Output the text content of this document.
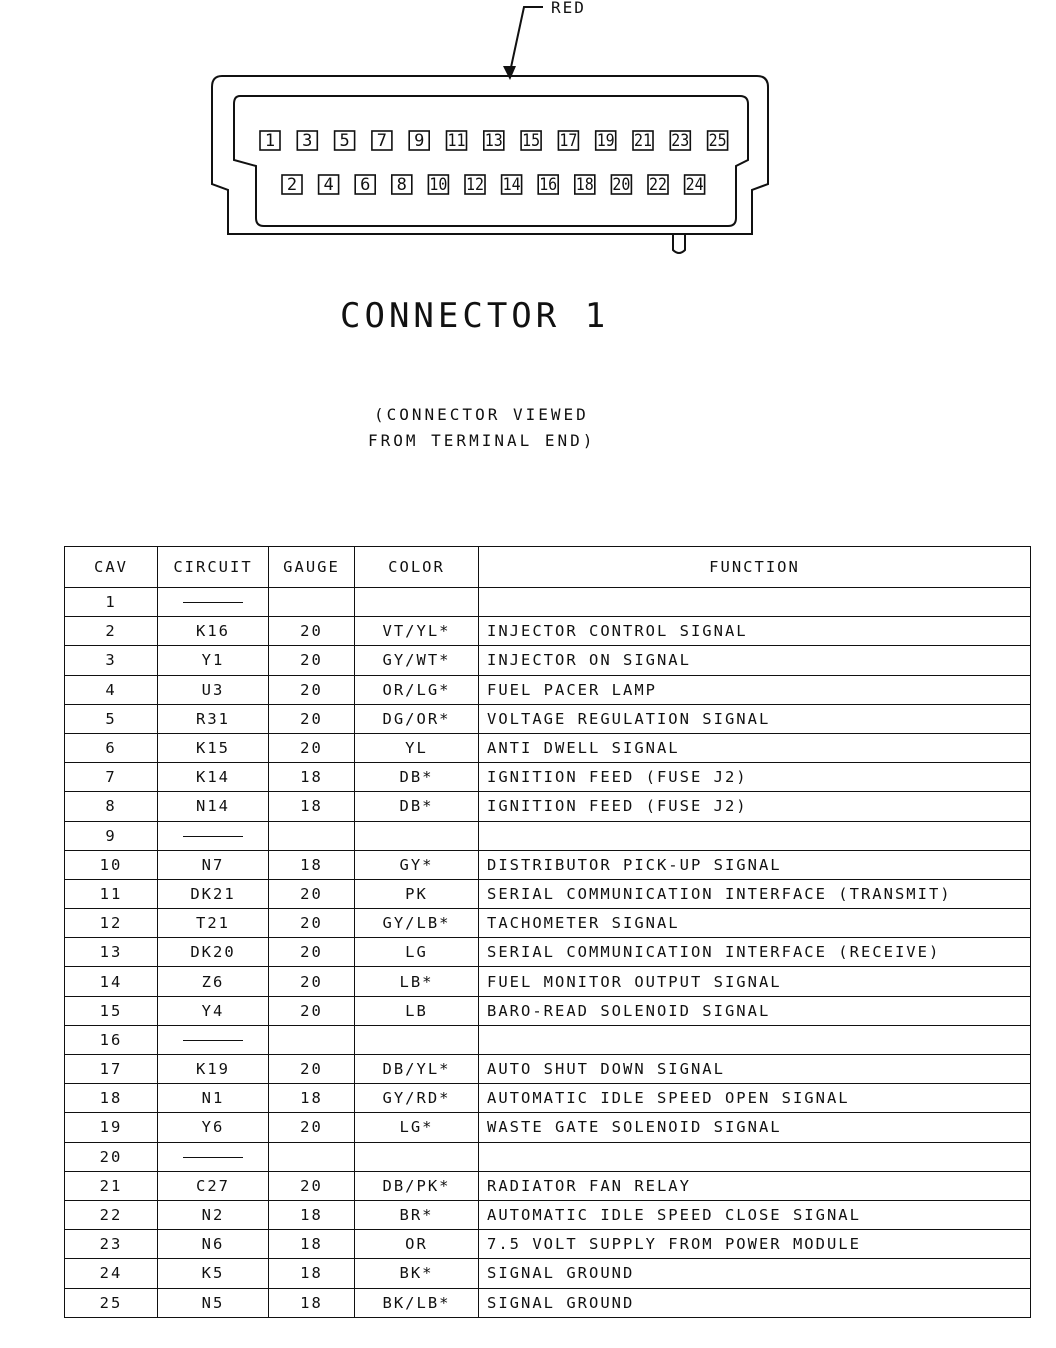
RED
1 3 5 7 9 11 13 15 17 19 21 23 25
2 4 6 8 10 12 14 16 18 20 22 24
CONNECTOR 1
(CONNECTOR VIEWED
FROM TERMINAL END)
CAV	CIRCUIT	GAUGE	COLOR	FUNCTION
1				
2	K16	20	VT/YL*	INJECTOR CONTROL SIGNAL
3	Y1	20	GY/WT*	INJECTOR ON SIGNAL
4	U3	20	OR/LG*	FUEL PACER LAMP
5	R31	20	DG/OR*	VOLTAGE REGULATION SIGNAL
6	K15	20	YL	ANTI DWELL SIGNAL
7	K14	18	DB*	IGNITION FEED (FUSE J2)
8	N14	18	DB*	IGNITION FEED (FUSE J2)
9				
10	N7	18	GY*	DISTRIBUTOR PICK-UP SIGNAL
11	DK21	20	PK	SERIAL COMMUNICATION INTERFACE (TRANSMIT)
12	T21	20	GY/LB*	TACHOMETER SIGNAL
13	DK20	20	LG	SERIAL COMMUNICATION INTERFACE (RECEIVE)
14	Z6	20	LB*	FUEL MONITOR OUTPUT SIGNAL
15	Y4	20	LB	BARO-READ SOLENOID SIGNAL
16				
17	K19	20	DB/YL*	AUTO SHUT DOWN SIGNAL
18	N1	18	GY/RD*	AUTOMATIC IDLE SPEED OPEN SIGNAL
19	Y6	20	LG*	WASTE GATE SOLENOID SIGNAL
20				
21	C27	20	DB/PK*	RADIATOR FAN RELAY
22	N2	18	BR*	AUTOMATIC IDLE SPEED CLOSE SIGNAL
23	N6	18	OR	7.5 VOLT SUPPLY FROM POWER MODULE
24	K5	18	BK*	SIGNAL GROUND
25	N5	18	BK/LB*	SIGNAL GROUND
